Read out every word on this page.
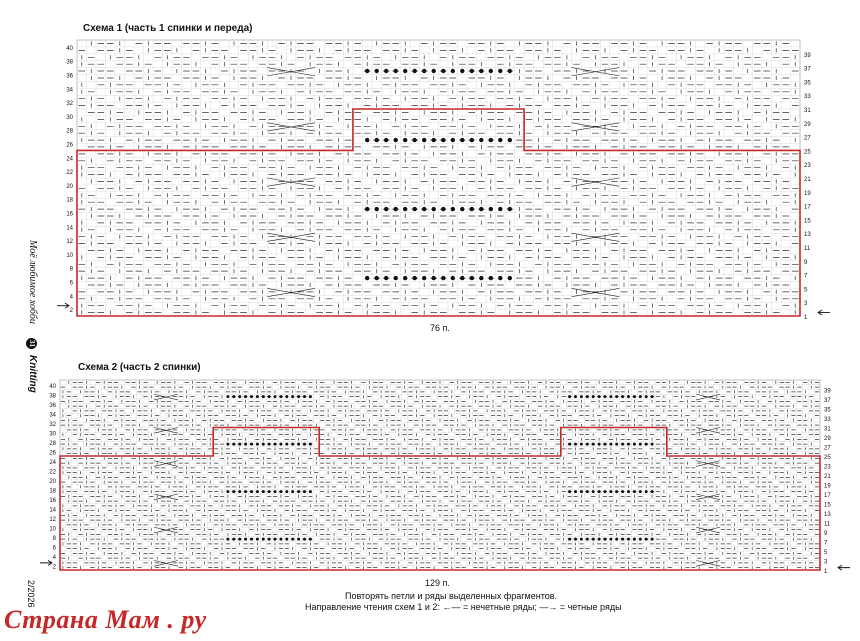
Схема 1 (часть 1 спинки и переда)
Схема 2 (часть 2 спинки)
40
38
36
34
32
30
28
26
24
22
20
18
16
14
12
10
8
6
4
2
39
37
35
33
31
29
27
25
23
21
19
17
15
13
11
9
7
5
3
1
40
38
36
34
32
30
28
26
24
22
20
18
16
14
12
10
8
6
4
2
39
37
35
33
31
29
27
25
23
21
19
17
15
13
11
9
7
5
3
1
76 п.
129 п.
Повторять петли и ряды выделенных фрагментов.
Направление чтения схем 1 и 2: ←— = нечетные ряды; —→ = четные ряды
Моё любимое хобби
31
Knitting
2/2026
Страна Мам . ру
